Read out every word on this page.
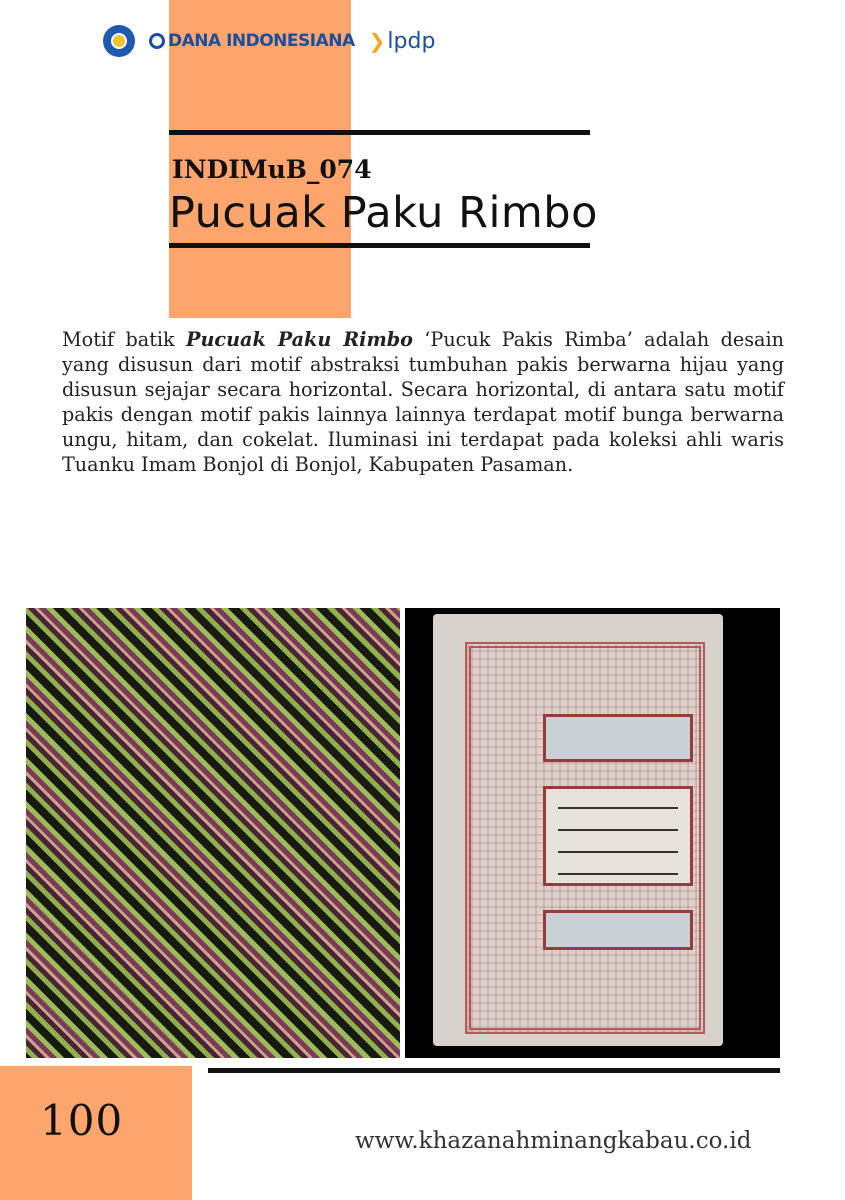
DANA INDONESIANA ❯ lpdp
INDIMuB_074
Pucuak Paku Rimbo

Motif batik Pucuak Paku Rimbo ‘Pucuk Pakis Rimba’ adalah desain yang disusun dari motif abstraksi tumbuhan pakis berwarna hijau yang disusun sejajar secara horizontal. Secara horizontal, di antara satu motif pakis dengan motif pakis lainnya lainnya terdapat motif bunga berwarna ungu, hitam, dan cokelat. Iluminasi ini terdapat pada koleksi ahli waris Tuanku Imam Bonjol di Bonjol, Kabupaten Pasaman.

100	www.khazanahminangkabau.co.id
